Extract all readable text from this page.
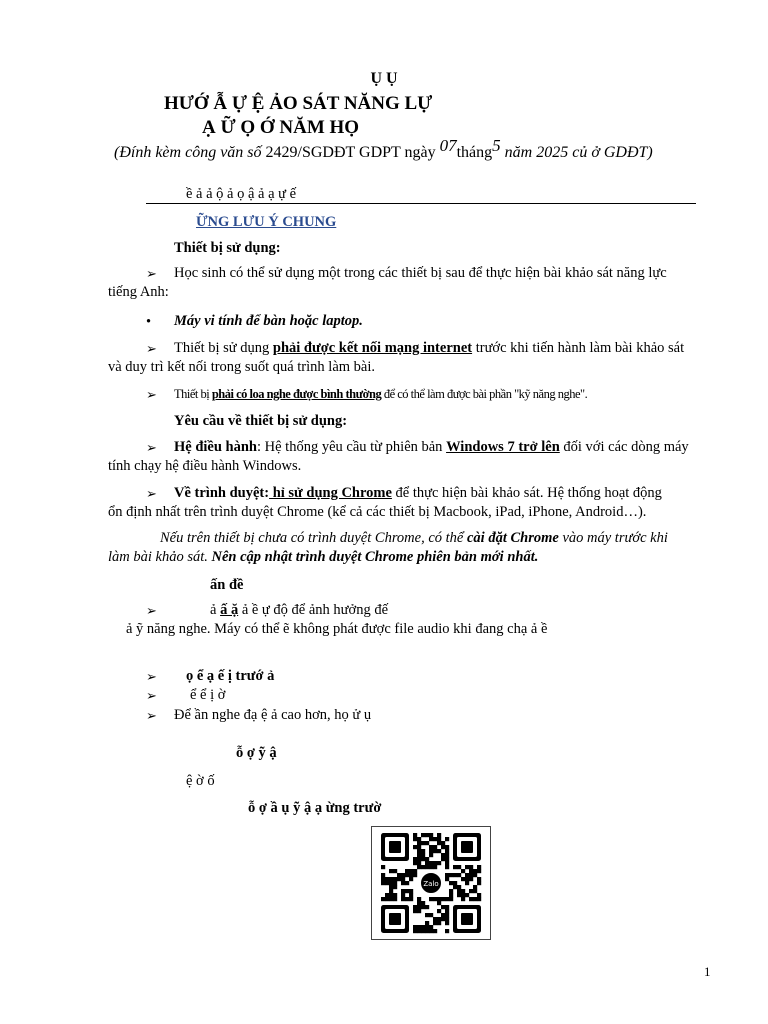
Ụ Ụ
HƯỚ Ẫ Ự Ệ ẢO SÁT NĂNG LỰ
Ạ Ữ Ọ Ớ NĂM HỌ
(Đính kèm công văn số 2429/SGDĐT GDPT ngày 07tháng5 năm 2025 củ ở GDĐT)
ề ả ả ộ ả ọ ậ ả ạ ự ế
ỮNG LƯU Ý CHUNG
Thiết bị sử dụng:
➢ Học sinh có thể sử dụng một trong các thiết bị sau để thực hiện bài khảo sát năng lực
tiếng Anh:
• Máy vi tính để bàn hoặc laptop.
➢ Thiết bị sử dụng phải được kết nối mạng internet trước khi tiến hành làm bài khảo sát
và duy trì kết nối trong suốt quá trình làm bài.
➢ Thiết bị phải có loa nghe được bình thường để có thể làm được bài phần "kỹ năng nghe".
Yêu cầu về thiết bị sử dụng:
➢ Hệ điều hành: Hệ thống yêu cầu từ phiên bản Windows 7 trở lên đối với các dòng máy
tính chạy hệ điều hành Windows.
➢ Về trình duyệt: hỉ sử dụng Chrome để thực hiện bài khảo sát. Hệ thống hoạt động
ổn định nhất trên trình duyệt Chrome (kể cả các thiết bị Macbook, iPad, iPhone, Android…).
Nếu trên thiết bị chưa có trình duyệt Chrome, có thể cài đặt Chrome vào máy trước khi
làm bài khảo sát. Nên cập nhật trình duyệt Chrome phiên bản mới nhất.
ấn đề
➢	ả ấ ặ ả ề ự độ để ảnh hưởng đế
ả ỹ năng nghe. Máy có thể ẽ không phát được file audio khi đang chạ ả ề
➢ ọ ể ạ ế ị trướ ả
➢ ể ể ị ờ
➢ Để ần nghe đạ ệ ả cao hơn, họ ử ụ
ỗ ợ ỹ ậ
ệ ờ ố
ỗ ợ ầ ụ ỹ ậ ạ ừng trườ
Zalo
1
